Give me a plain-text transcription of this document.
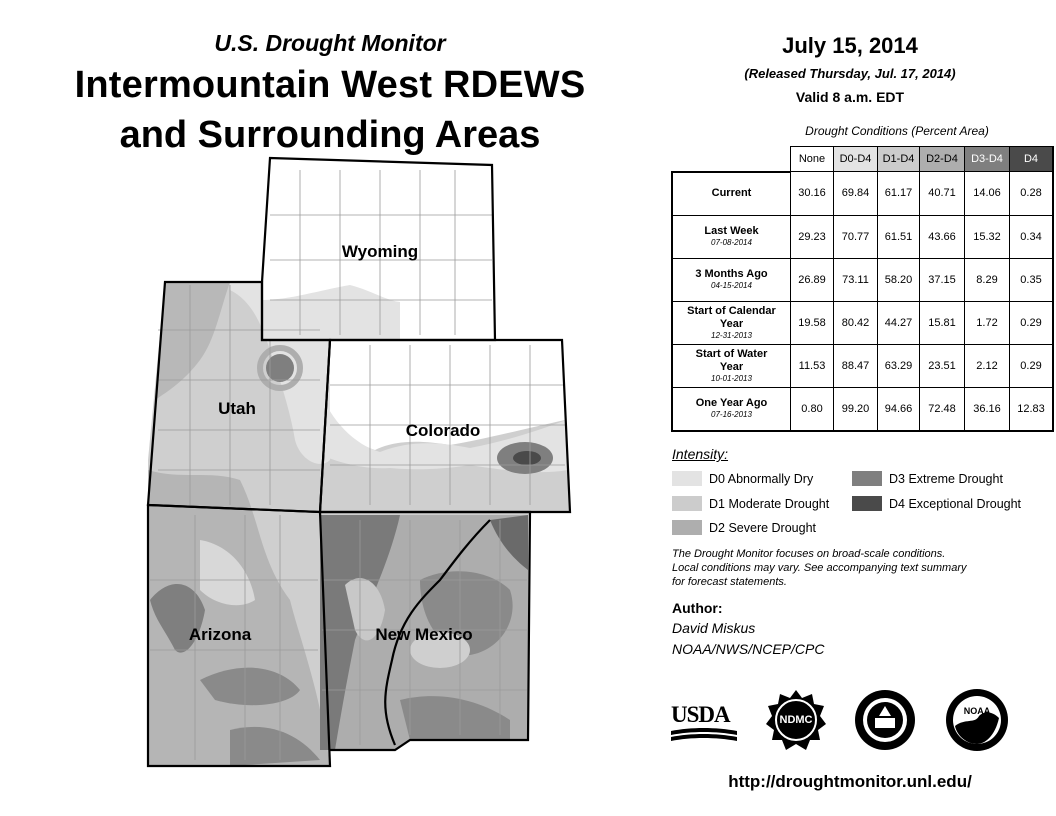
U.S. Drought Monitor
Intermountain West RDEWS
and Surrounding Areas
Wyoming
Utah
Colorado
Arizona	New Mexico
July 15, 2014
(Released Thursday, Jul. 17, 2014)
Valid 8 a.m. EDT
Drought Conditions (Percent Area)
	None	D0-D4	D1-D4	D2-D4	D3-D4	D4
Current	30.16	69.84	61.17	40.71	14.06	0.28
Last Week
07-08-2014	29.23	70.77	61.51	43.66	15.32	0.34
3 Months Ago
04-15-2014	26.89	73.11	58.20	37.15	8.29	0.35
Start of Calendar Year
12-31-2013	19.58	80.42	44.27	15.81	1.72	0.29
Start of Water Year
10-01-2013	11.53	88.47	63.29	23.51	2.12	0.29
One Year Ago
07-16-2013	0.80	99.20	94.66	72.48	36.16	12.83
Intensity:
D0 Abnormally Dry
D1 Moderate Drought
D2 Severe Drought
D3 Extreme Drought
D4 Exceptional Drought
The Drought Monitor focuses on broad-scale conditions.
Local conditions may vary. See accompanying text summary
for forecast statements.
Author:
David Miskus
NOAA/NWS/NCEP/CPC
USDA	NDMC
NOAA
http://droughtmonitor.unl.edu/
